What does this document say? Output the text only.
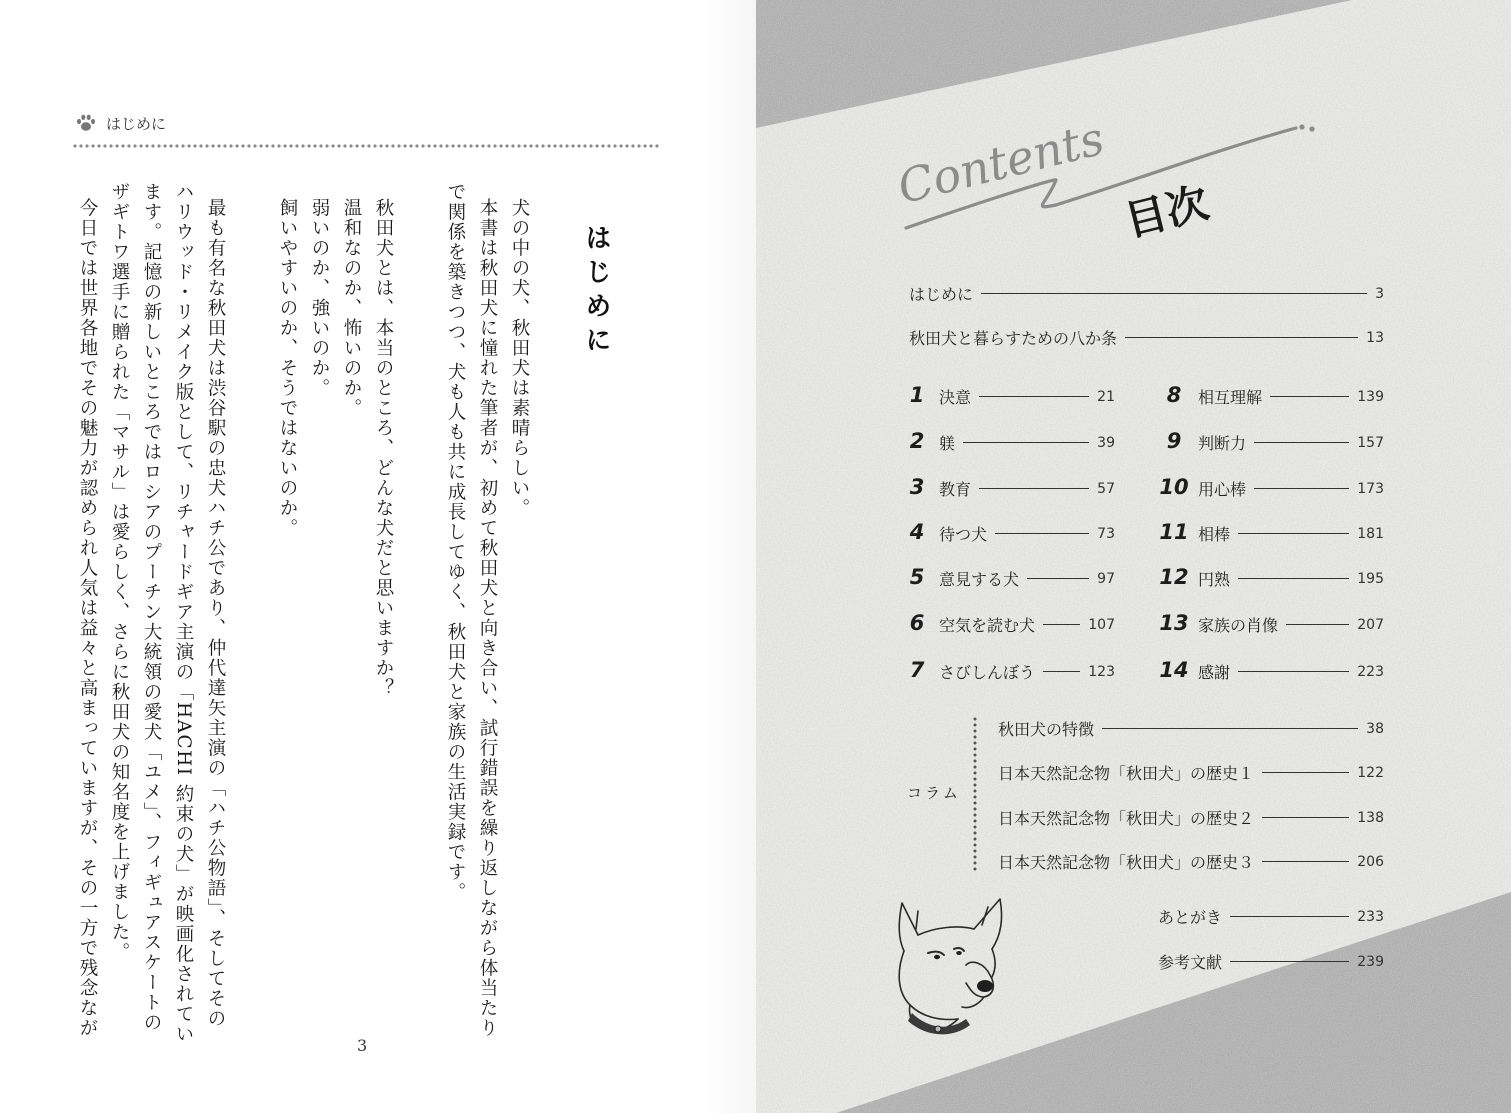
はじめに
はじめに
犬の中の犬、秋田犬は素晴らしい。
本書は秋田犬に憧れた筆者が、初めて秋田犬と向き合い、試行錯誤を繰り返しながら体当たり
で関係を築きつつ、犬も人も共に成長してゆく、秋田犬と家族の生活実録です。
秋田犬とは、本当のところ、どんな犬だと思いますか？
温和なのか、怖いのか。
弱いのか、強いのか。
飼いやすいのか、そうではないのか。
最も有名な秋田犬は渋谷駅の忠犬ハチ公であり、仲代達矢主演の「ハチ公物語」、そしてその
ハリウッド・リメイク版として、リチャードギア主演の「HACHI 約束の犬」が映画化されてい
ます。記憶の新しいところではロシアのプーチン大統領の愛犬「ユメ」、フィギュアスケートの
ザギトワ選手に贈られた「マサル」は愛らしく、さらに秋田犬の知名度を上げました。
今日では世界各地でその魅力が認められ人気は益々と高まっていますが、その一方で残念なが
3
Contents 目次
はじめに	3
秋田犬と暮らすための八か条	13
1 決意	21
2 躾	39
3 教育	57
4 待つ犬	73
5 意見する犬	97
6 空気を読む犬	107
7 さびしんぼう	123
8	相互理解	139
9	判断力	157
10 用心棒	173
11 相棒	181
12 円熟	195
13 家族の肖像	207
14 感謝	223
コラム
秋田犬の特徴	38
日本天然記念物「秋田犬」の歴史１	122
日本天然記念物「秋田犬」の歴史２	138
日本天然記念物「秋田犬」の歴史３	206
あとがき	233
参考文献	239
